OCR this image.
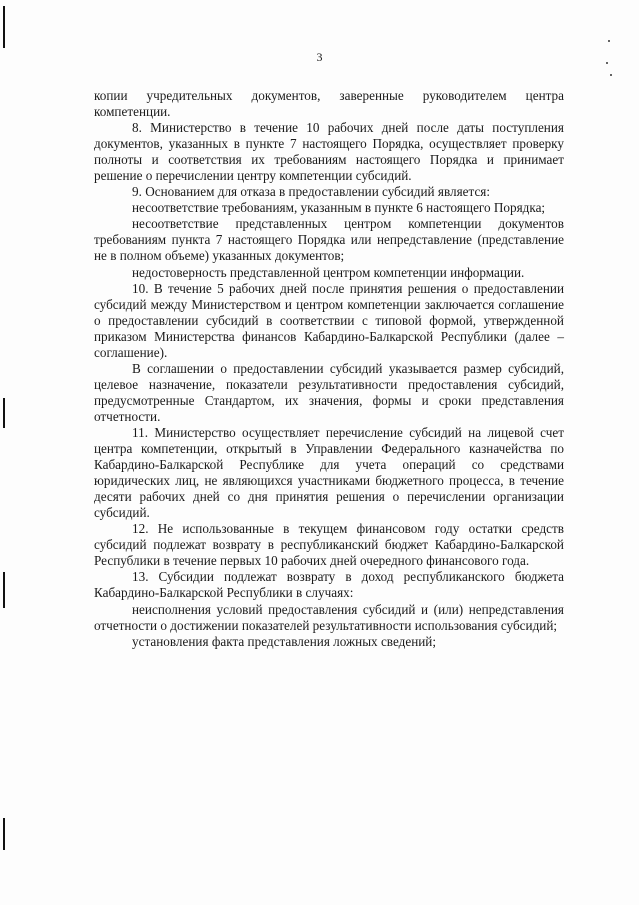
3

копии учредительных документов, заверенные руководителем центра компетенции.

8. Министерство в течение 10 рабочих дней после даты поступления документов, указанных в пункте 7 настоящего Порядка, осуществляет проверку полноты и соответствия их требованиям настоящего Порядка и принимает решение о перечислении центру компетенции субсидий.

9. Основанием для отказа в предоставлении субсидий является:

несоответствие требованиям, указанным в пункте 6 настоящего Порядка;

несоответствие представленных центром компетенции документов требованиям пункта 7 настоящего Порядка или непредставление (представление не в полном объеме) указанных документов;

недостоверность представленной центром компетенции информации.

10. В течение 5 рабочих дней после принятия решения о предоставлении субсидий между Министерством и центром компетенции заключается соглашение о предоставлении субсидий в соответствии с типовой формой, утвержденной приказом Министерства финансов Кабардино-Балкарской Республики (далее – соглашение).

В соглашении о предоставлении субсидий указывается размер субсидий, целевое назначение, показатели результативности предоставления субсидий, предусмотренные Стандартом, их значения, формы и сроки представления отчетности.

11. Министерство осуществляет перечисление субсидий на лицевой счет центра компетенции, открытый в Управлении Федерального казначейства по Кабардино-Балкарской Республике для учета операций со средствами юридических лиц, не являющихся участниками бюджетного процесса, в течение десяти рабочих дней со дня принятия решения о перечислении организации субсидий.

12. Не использованные в текущем финансовом году остатки средств субсидий подлежат возврату в республиканский бюджет Кабардино-Балкарской Республики в течение первых 10 рабочих дней очередного финансового года.

13. Субсидии подлежат возврату в доход республиканского бюджета Кабардино-Балкарской Республики в случаях:

неисполнения условий предоставления субсидий и (или) непредставления отчетности о достижении показателей результативности использования субсидий;

установления факта представления ложных сведений;
